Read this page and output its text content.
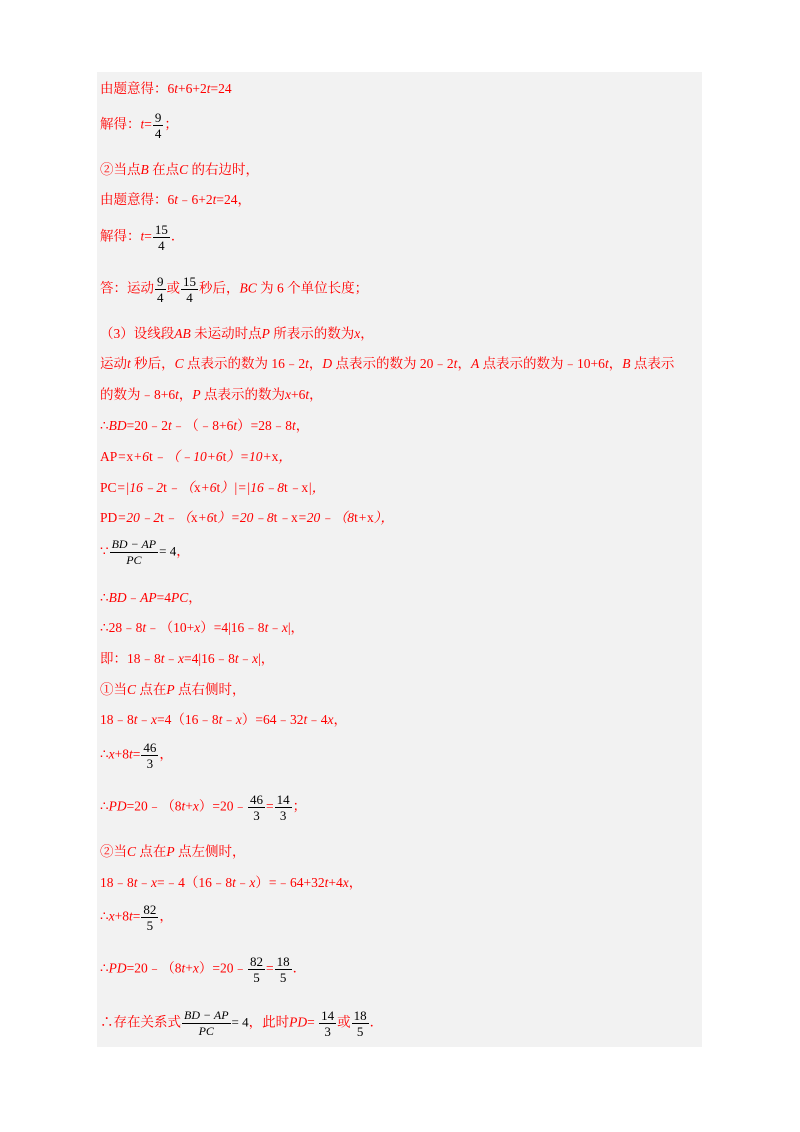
由题意得：6t+6+2t=24
解得：$t= \frac{9}{4}$ ；
②当点B 在点C 的右边时，
由题意得：6t﹣6+2t=24，
解得：$t= \frac{15}{4}$ ．
答：运动 $\frac{9}{4}$ 或 $\frac{15}{4}$ 秒后，BC 为 6 个单位长度；
（3）设线段AB 未运动时点P 所表示的数为x，
运动t 秒后，C 点表示的数为 16﹣2t，D 点表示的数为 20﹣2t，A 点表示的数为﹣10+6t，B 点表示
的数为﹣8+6t，P 点表示的数为x+6t，
∴BD=20﹣2t﹣（﹣8+6t）=28﹣8t，
AP=x+6t﹣（﹣10+6t）=10+x，
PC=|16﹣2t﹣（x+6t）|=|16﹣8t﹣x|，
PD=20﹣2t﹣（x+6t）=20﹣8t﹣x=20﹣（8t+x），
∵ $\frac{BD - AP}{PC} = 4$，
∴BD﹣AP=4PC，
∴28﹣8t﹣（10+x）=4|16﹣8t﹣x|，
即：18﹣8t﹣x=4|16﹣8t﹣x|，
①当C 点在P 点右侧时，
18﹣8t﹣x=4（16﹣8t﹣x）=64﹣32t﹣4x，
∴x+8t= $\frac{46}{3}$ ，
∴PD=20﹣（8t+x）=20﹣ $\frac{46}{3} = \frac{14}{3}$ ；
②当C 点在P 点左侧时，
18﹣8t﹣x=﹣4（16﹣8t﹣x）=﹣64+32t+4x，
∴x+8t= $\frac{82}{5}$ ，
∴PD=20﹣（8t+x）=20﹣ $\frac{82}{5} = \frac{18}{5}$ ．
∴存在关系式 $\frac{BD - AP}{PC} = 4$，此时$PD= \frac{14}{3}$ 或 $\frac{18}{5}$ ．
